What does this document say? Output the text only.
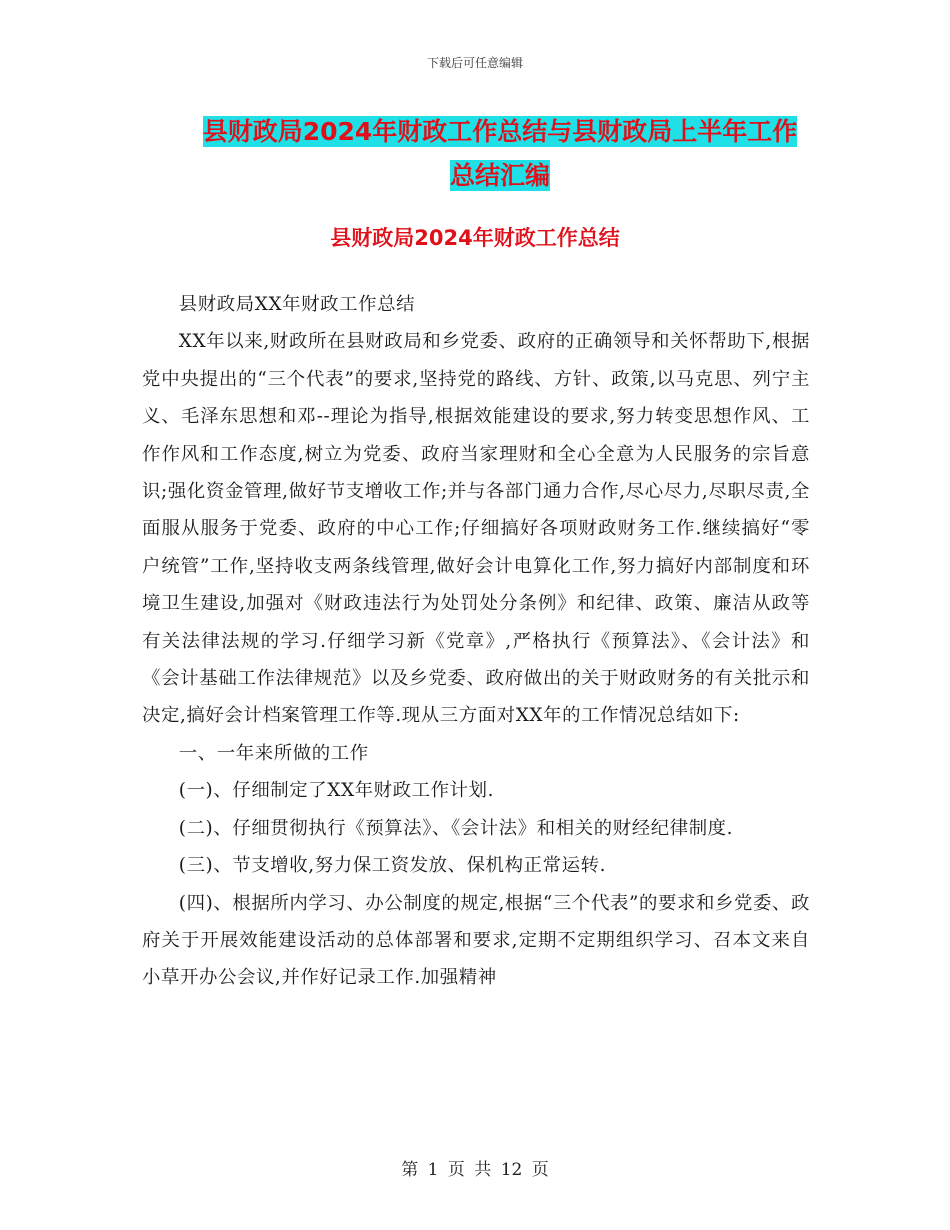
下载后可任意编辑
县财政局2024年财政工作总结与县财政局上半年工作
总结汇编
县财政局2024年财政工作总结

县财政局XX年财政工作总结

XX年以来,财政所在县财政局和乡党委、政府的正确领导和关怀帮助下,根据党中央提出的“三个代表”的要求,坚持党的路线、方针、政策,以马克思、列宁主义、毛泽东思想和邓--理论为指导,根据效能建设的要求,努力转变思想作风、工作作风和工作态度,树立为党委、政府当家理财和全心全意为人民服务的宗旨意识;强化资金管理,做好节支增收工作;并与各部门通力合作,尽心尽力,尽职尽责,全面服从服务于党委、政府的中心工作;仔细搞好各项财政财务工作.继续搞好“零户统管”工作,坚持收支两条线管理,做好会计电算化工作,努力搞好内部制度和环境卫生建设,加强对《财政违法行为处罚处分条例》和纪律、政策、廉洁从政等有关法律法规的学习.仔细学习新《党章》,严格执行《预算法》、《会计法》和《会计基础工作法律规范》以及乡党委、政府做出的关于财政财务的有关批示和决定,搞好会计档案管理工作等.现从三方面对XX年的工作情况总结如下:

一、一年来所做的工作

(一)、仔细制定了XX年财政工作计划.

(二)、仔细贯彻执行《预算法》、《会计法》和相关的财经纪律制度.

(三)、节支增收,努力保工资发放、保机构正常运转.

(四)、根据所内学习、办公制度的规定,根据“三个代表”的要求和乡党委、政府关于开展效能建设活动的总体部署和要求,定期不定期组织学习、召本文来自小草开办公会议,并作好记录工作.加强精神

第 1 页 共 12 页
